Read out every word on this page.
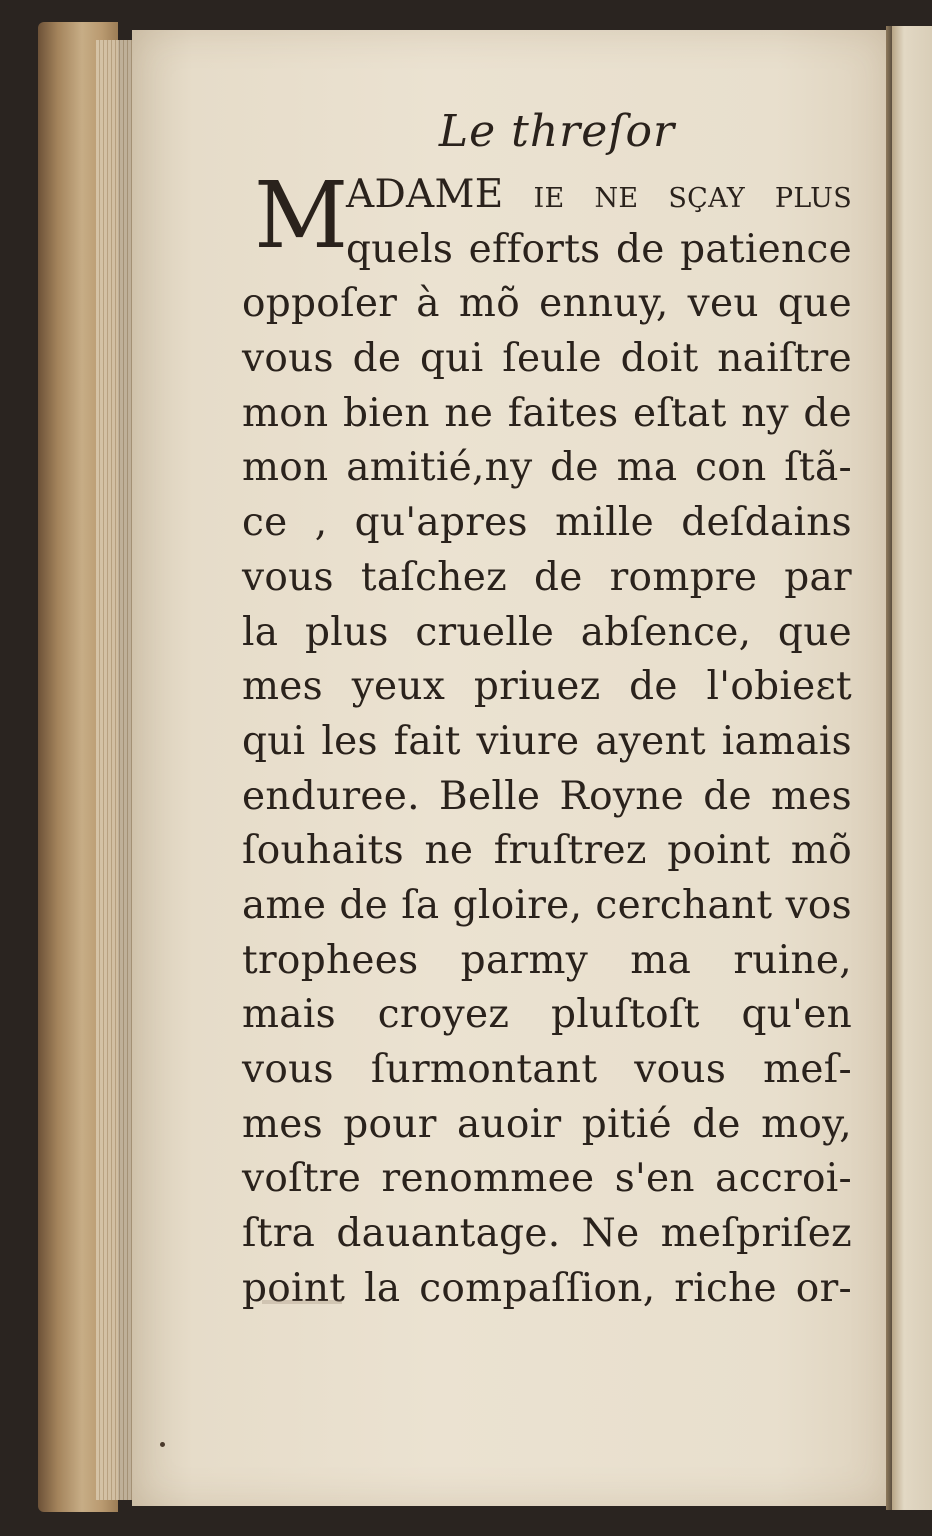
Le threſor
M
ADAME ie ne ſçay plus
quels efforts de patience
oppoſer à mõ ennuy, veu que
vous de qui ſeule doit naiſtre
mon bien ne faites eſtat ny de
mon amitié,ny de ma con ſtã-
ce , qu'apres mille deſdains
vous taſchez de rompre par
la plus cruelle abſence, que
mes yeux priuez de l'obieɛt
qui les fait viure ayent iamais
enduree. Belle Royne de mes
ſouhaits ne fruſtrez point mõ
ame de ſa gloire, cerchant vos
trophees parmy ma ruine,
mais croyez pluſtoſt qu'en
vous ſurmontant vous meſ-
mes pour auoir pitié de moy,
voſtre renommee s'en accroi-
ſtra dauantage. Ne meſpriſez
point la compaſſion, riche or-
